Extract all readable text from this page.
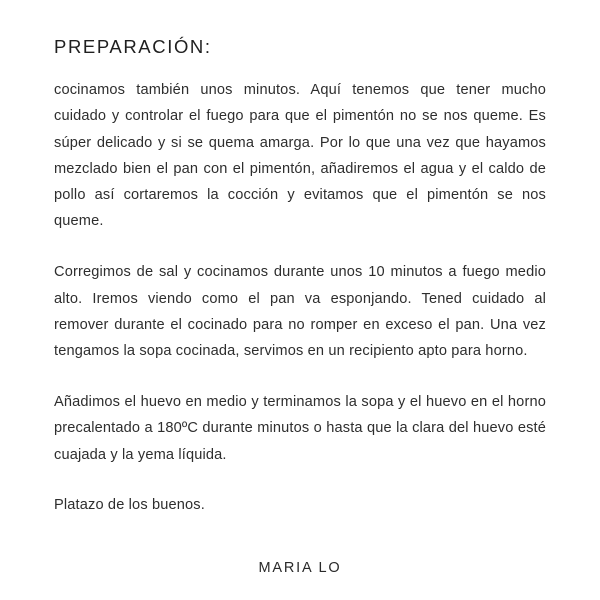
PREPARACIÓN:

cocinamos también unos minutos. Aquí tenemos que tener mucho cuidado y controlar el fuego para que el pimentón no se nos queme. Es súper delicado y si se quema amarga. Por lo que una vez que hayamos mezclado bien el pan con el pimentón, añadiremos el agua y el caldo de pollo así cortaremos la cocción y evitamos que el pimentón se nos queme.

Corregimos de sal y cocinamos durante unos 10 minutos a fuego medio alto. Iremos viendo como el pan va esponjando. Tened cuidado al remover durante el cocinado para no romper en exceso el pan. Una vez tengamos la sopa cocinada, servimos en un recipiento apto para horno.

Añadimos el huevo en medio y terminamos la sopa y el huevo en el horno precalentado a 180ºC durante minutos o hasta que la clara del huevo esté cuajada y la yema líquida.

Platazo de los buenos.

MARIA LO
